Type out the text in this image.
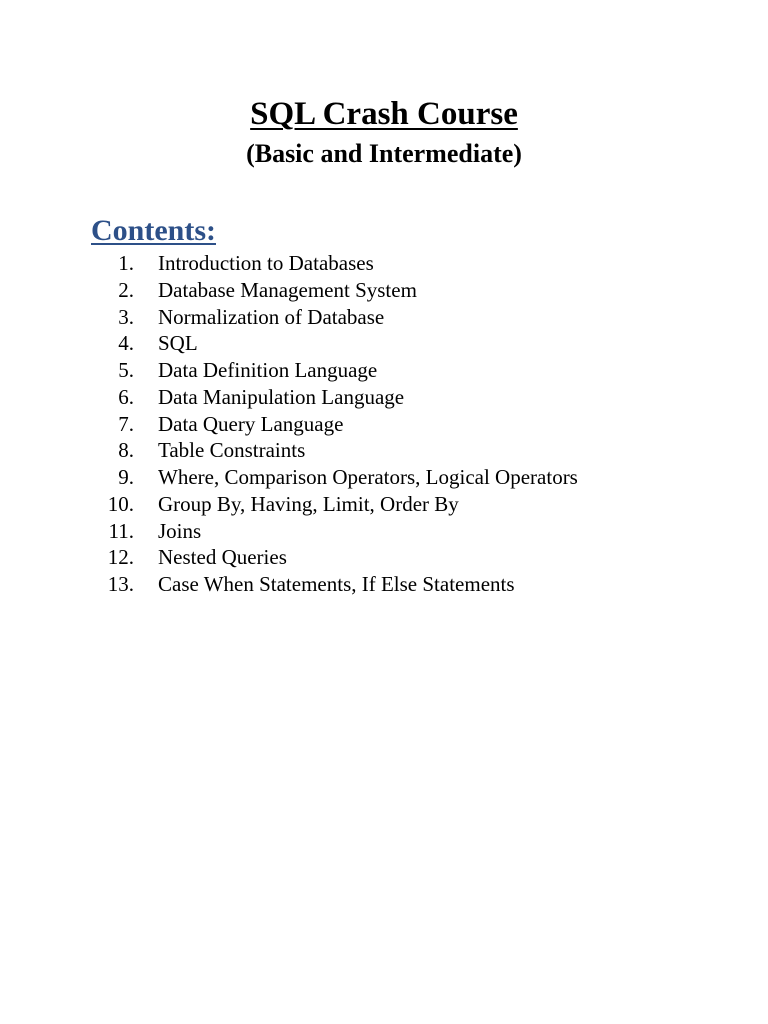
SQL Crash Course
(Basic and Intermediate)
Contents:
1. Introduction to Databases
2. Database Management System
3. Normalization of Database
4. SQL
5. Data Definition Language
6. Data Manipulation Language
7. Data Query Language
8. Table Constraints
9. Where, Comparison Operators, Logical Operators
10. Group By, Having, Limit, Order By
11. Joins
12. Nested Queries
13. Case When Statements, If Else Statements
